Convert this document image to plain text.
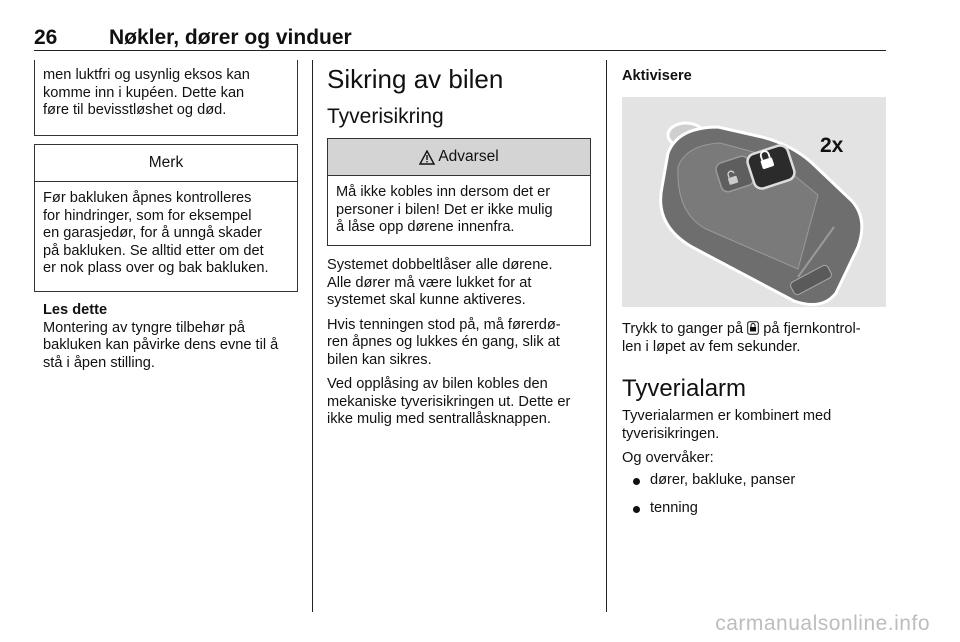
26 Nøkler, dører og vinduer

men luktfri og usynlig eksos kan

komme inn i kupéen. Dette kan

føre til bevisstløshet og død.

Merk

Før bakluken åpnes kontrolleres

for hindringer, som for eksempel

en garasjedør, for å unngå skader

på bakluken. Se alltid etter om det

er nok plass over og bak bakluken.

Les dette

Montering av tyngre tilbehør på

bakluken kan påvirke dens evne til å

stå i åpen stilling.

Sikring av bilen
Tyverisikring
Advarsel

Må ikke kobles inn dersom det er

personer i bilen! Det er ikke mulig

å låse opp dørene innenfra.

Systemet dobbeltlåser alle dørene.

Alle dører må være lukket for at

systemet skal kunne aktiveres.

Hvis tenningen stod på, må førerdø-

ren åpnes og lukkes én gang, slik at

bilen kan sikres.

Ved opplåsing av bilen kobles den

mekaniske tyverisikringen ut. Dette er

ikke mulig med sentrallåsknappen.

Aktivisere

2x

Trykk to ganger på på fjernkontrol-

len i løpet av fem sekunder.

Tyverialarm

Tyverialarmen er kombinert med

tyverisikringen.

Og overvåker:

dører, bakluke, panser
tenning
carmanualsonline.info
